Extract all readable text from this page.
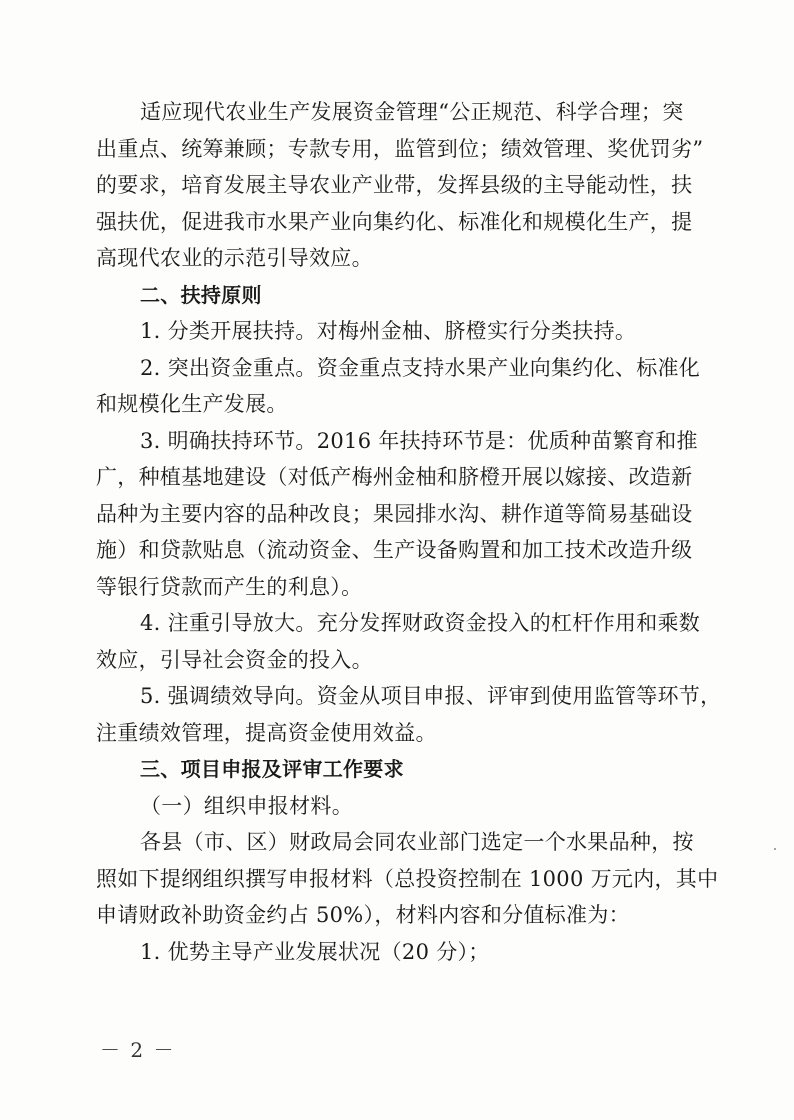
适应现代农业生产发展资金管理“公正规范、科学合理；突
出重点、统筹兼顾；专款专用，监管到位；绩效管理、奖优罚劣”
的要求，培育发展主导农业产业带，发挥县级的主导能动性，扶
强扶优，促进我市水果产业向集约化、标准化和规模化生产，提
高现代农业的示范引导效应。
二、扶持原则
1. 分类开展扶持。对梅州金柚、脐橙实行分类扶持。
2. 突出资金重点。资金重点支持水果产业向集约化、标准化
和规模化生产发展。
3. 明确扶持环节。2016 年扶持环节是：优质种苗繁育和推
广，种植基地建设（对低产梅州金柚和脐橙开展以嫁接、改造新
品种为主要内容的品种改良；果园排水沟、耕作道等简易基础设
施）和贷款贴息（流动资金、生产设备购置和加工技术改造升级
等银行贷款而产生的利息）。
4. 注重引导放大。充分发挥财政资金投入的杠杆作用和乘数
效应，引导社会资金的投入。
5. 强调绩效导向。资金从项目申报、评审到使用监管等环节，
注重绩效管理，提高资金使用效益。
三、项目申报及评审工作要求
（一）组织申报材料。
各县（市、区）财政局会同农业部门选定一个水果品种，按
照如下提纲组织撰写申报材料（总投资控制在 1000 万元内，其中
申请财政补助资金约占 50%），材料内容和分值标准为：
1. 优势主导产业发展状况（20 分）；
－ 2 －
